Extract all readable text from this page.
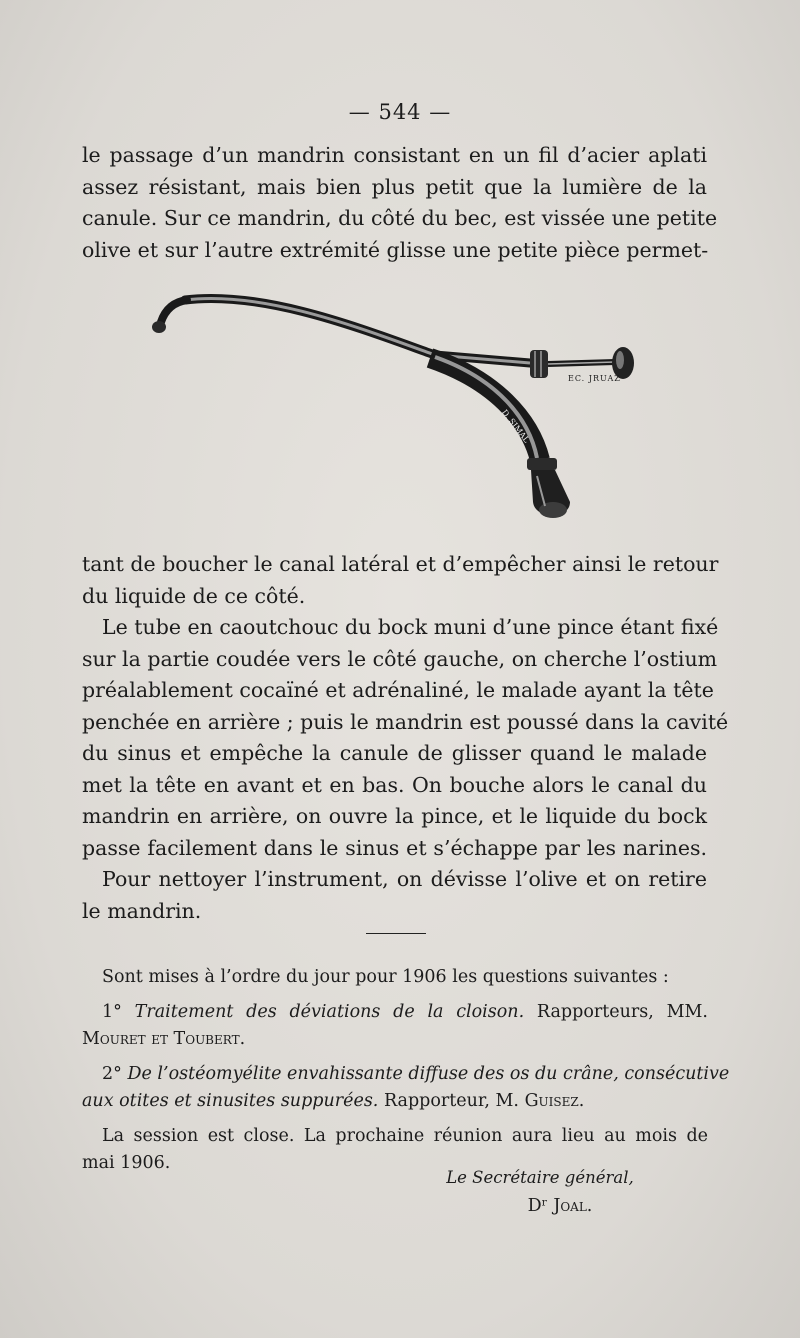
— 544 —
le passage d’un mandrin consistant en un fil d’acier aplati
assez résistant, mais bien plus petit que la lumière de la
canule. Sur ce mandrin, du côté du bec, est vissée une petite
olive et sur l’autre extrémité glisse une petite pièce permet-
EC. JRUAZ
D. SIMAL
tant de boucher le canal latéral et d’empêcher ainsi le retour
du liquide de ce côté.
Le tube en caoutchouc du bock muni d’une pince étant fixé
sur la partie coudée vers le côté gauche, on cherche l’ostium
préalablement cocaïné et adrénaliné, le malade ayant la tête
penchée en arrière ; puis le mandrin est poussé dans la cavité
du sinus et empêche la canule de glisser quand le malade
met la tête en avant et en bas. On bouche alors le canal du
mandrin en arrière, on ouvre la pince, et le liquide du bock
passe facilement dans le sinus et s’échappe par les narines.
Pour nettoyer l’instrument, on dévisse l’olive et on retire
le mandrin.
Sont mises à l’ordre du jour pour 1906 les questions suivantes :
1° Traitement des déviations de la cloison. Rapporteurs, MM.
Mouret et Toubert.
2° De l’ostéomyélite envahissante diffuse des os du crâne, consécutive
aux otites et sinusites suppurées. Rapporteur, M. Guisez.
La session est close. La prochaine réunion aura lieu au mois de
mai 1906.
Le Secrétaire général,
Dʳ Joal.
